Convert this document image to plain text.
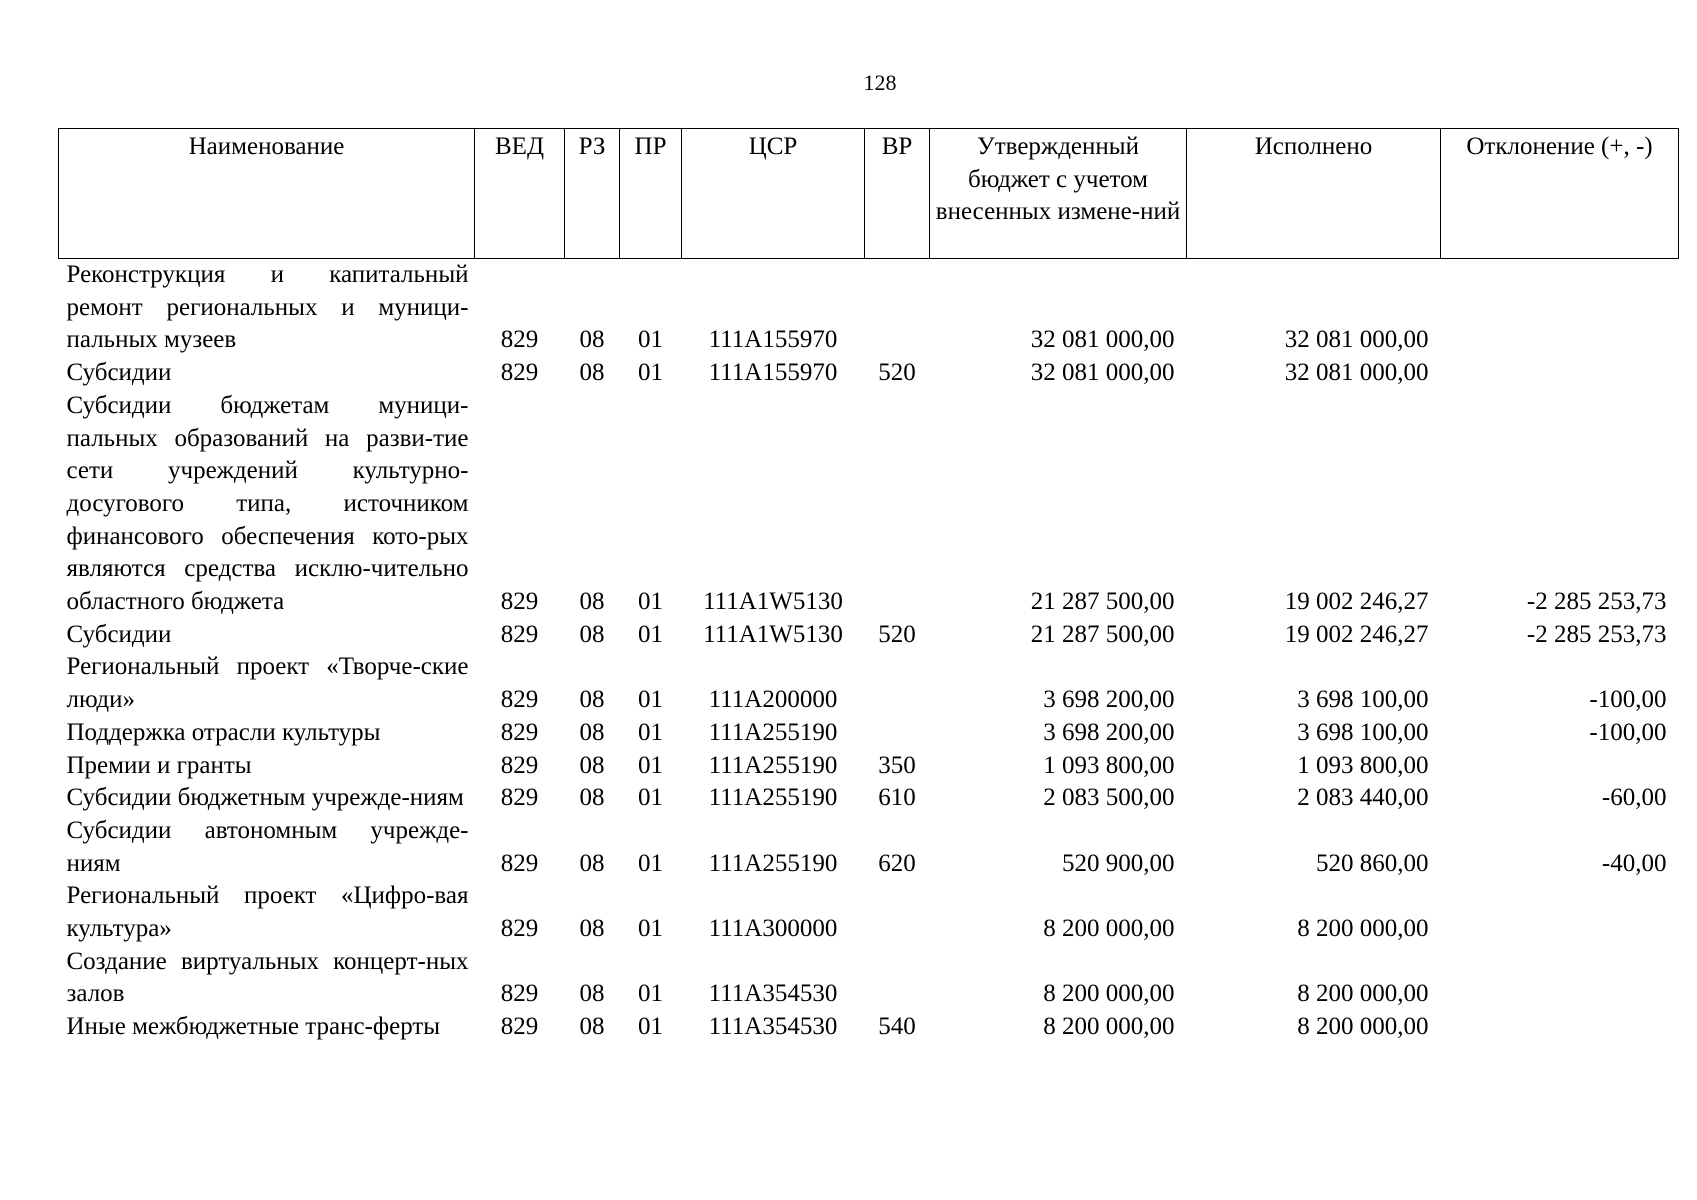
128
Наименование	ВЕД	РЗ	ПР	ЦСР	ВР	Утвержденный бюджет с учетом внесенных измене-ний	Исполнено	Отклонение (+, -)
Реконструкция и капитальный ремонт региональных и муници-пальных музеев	829	08	01	111A155970		32 081 000,00	32 081 000,00	
Субсидии	829	08	01	111A155970	520	32 081 000,00	32 081 000,00	
Субсидии бюджетам муници-пальных образований на разви-тие сети учреждений культурно-досугового типа, источником финансового обеспечения кото-рых являются средства исклю-чительно областного бюджета	829	08	01	111A1W5130		21 287 500,00	19 002 246,27	-2 285 253,73
Субсидии	829	08	01	111A1W5130	520	21 287 500,00	19 002 246,27	-2 285 253,73
Региональный проект «Творче-ские люди»	829	08	01	111A200000		3 698 200,00	3 698 100,00	-100,00
Поддержка отрасли культуры	829	08	01	111A255190		3 698 200,00	3 698 100,00	-100,00
Премии и гранты	829	08	01	111A255190	350	1 093 800,00	1 093 800,00	
Субсидии бюджетным учрежде-ниям	829	08	01	111A255190	610	2 083 500,00	2 083 440,00	-60,00
Субсидии автономным учрежде-ниям	829	08	01	111A255190	620	520 900,00	520 860,00	-40,00
Региональный проект «Цифро-вая культура»	829	08	01	111A300000		8 200 000,00	8 200 000,00	
Создание виртуальных концерт-ных залов	829	08	01	111A354530		8 200 000,00	8 200 000,00	
Иные межбюджетные транс-ферты	829	08	01	111A354530	540	8 200 000,00	8 200 000,00	
